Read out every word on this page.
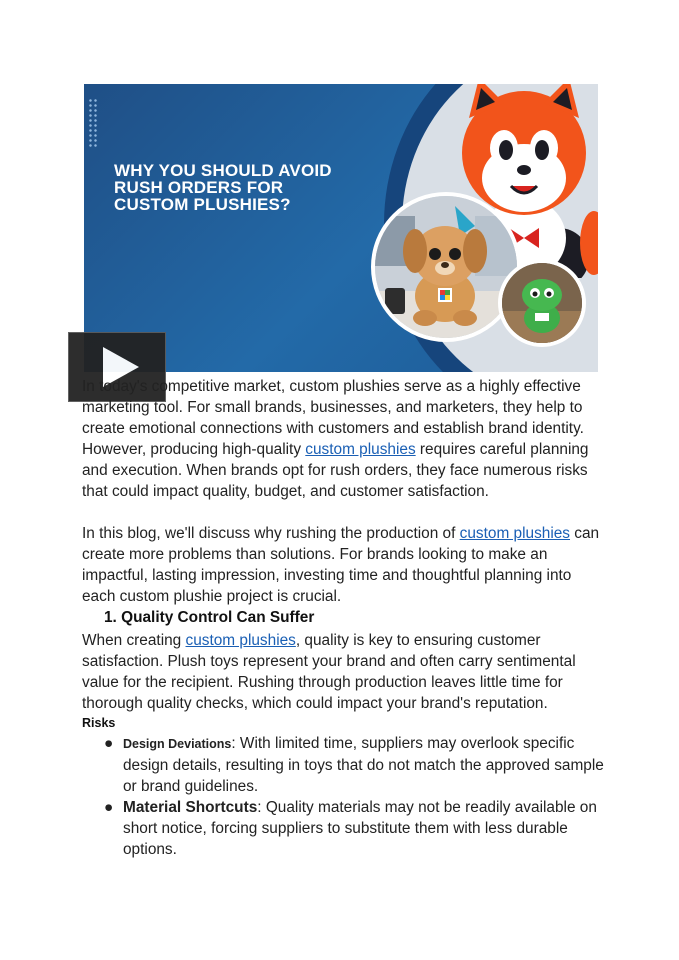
WHY YOU SHOULD AVOID RUSH ORDERS FOR CUSTOM PLUSHIES?

In today's competitive market, custom plushies serve as a highly effective marketing tool. For small brands, businesses, and marketers, they help to create emotional connections with customers and establish brand identity. However, producing high-quality custom plushies requires careful planning and execution. When brands opt for rush orders, they face numerous risks that could impact quality, budget, and customer satisfaction.

In this blog, we'll discuss why rushing the production of custom plushies can create more problems than solutions. For brands looking to make an impactful, lasting impression, investing time and thoughtful planning into each custom plushie project is crucial.

1. Quality Control Can Suffer

When creating custom plushies, quality is key to ensuring customer satisfaction. Plush toys represent your brand and often carry sentimental value for the recipient. Rushing through production leaves little time for thorough quality checks, which could impact your brand's reputation.

Risks
● Design Deviations: With limited time, suppliers may overlook specific design details, resulting in toys that do not match the approved sample or brand guidelines.
● Material Shortcuts: Quality materials may not be readily available on short notice, forcing suppliers to substitute them with less durable options.
